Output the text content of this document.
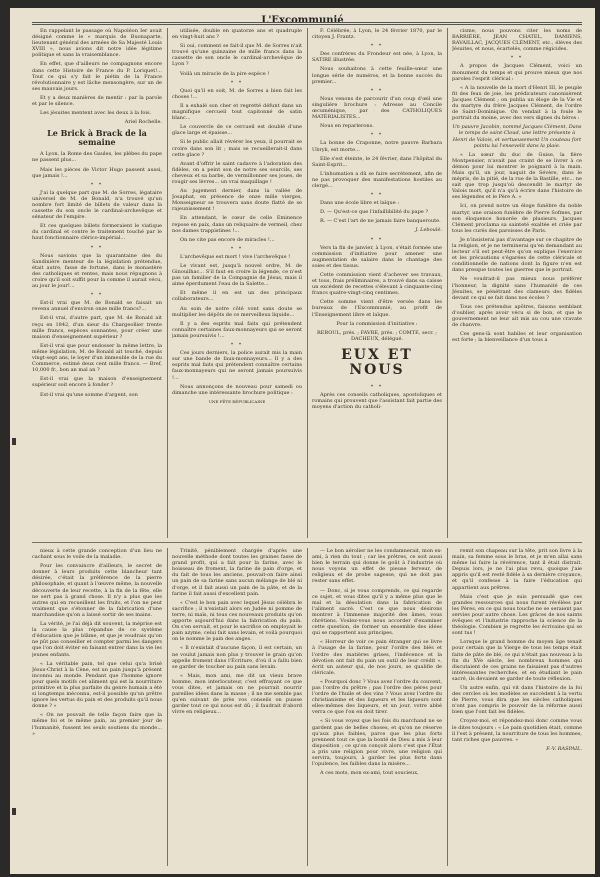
L'Excommunié

En rappelant le passage où Napoléon Ier avait désigné comme le « marquis de Buonaparte, lieutenant général des armées de Sa Majesté Louis XVIII », nous avions dit notre idée légitime politique et sans la vraisemblance.

En effet, que d'ailleurs ne compagnons encore dans cette Histoire de France du P. Loriquet!... Tout ce qui s'y fait le piétin de la France révolutionnaire y est lâche mensongère, sur un de ses mauvais jours.

Et y a deux manières de mentir : par la parole et par le silence.

Les jésuites mentent avec les deux à la fois.

Ariel Rochelle.

Le Brick à Brack de la semaine

A Lyon, la Rome des Gaules, les plèbes du pape ne passent plus...

Mais les pièces de Victor Hugo passent aussi, que jamais !...

* *

J'ai la quelque part que M. de Sorres, légataire universel de M. de Bonald, n'a trouvé qu'un nombre fort limité de billets de valeur dans la cassette du son oncle le cardinal-archevêque et sénateur de l'empire.

Et ces quelques billets formeraient le viatique du cardinal et contre le traitement touché par le haut fonctionnaire clérico-impérial...

* *

Nous savions que la quarantaine des du Sandinière menteur de la législation prétendue, était autre, fasse de fortune, dans le monastère des catholiques et rentes, mais nous répugnons à croire qu'il soit suffit pour la comme il aurait vécu, au jour le jour!...

* *

Est-il vrai que M. de Bonald se faisait un revenu annuel d'environ onze mille francs?...

Est-il vrai, d'autre part, que M. de Bonald ait reçu en 1842, d'un sieur du Chargeollier trente mille francs, espèces sonnantes, pour créer une maison d'enseignement supérieur ?

Est-il vrai que pour endosser la même lettre, la même législation, M. de Bonald ait touché, depuis vingt-sept ans, le loyer d'un immeuble de la rue du Commerce, estimé deux cent mille francs. — Bref, 10,000 fr., bon an mal an ?

Est-il vrai que la maison d'enseignement supérieur soit encore à fonder ?

Est-il vrai qu'une somme d'argent, son

utilisée, double en quatorze ans et quadruple en vingt-huit ans ?

Si oui, comment se fait-il que M. de Sorres n'ait trouvé qu'une quinzaine de mille francs dans la cassette de son oncle le cardinal-archevêque de Lyon ?

Voilà un miracle de la pire espèce !

* *

Quoi qu'il en soit, M. de Sorres a bien fait les choses !...

Il a exhalé son cher et regretté défunt dans un magnifique cercueil tout capitonné de satin blanc...

Le couvercle de ce cercueil est doublé d'une glace large et épaisse...

Si le public allait révérer les yeux, il pourrait se croire dans son lit ; mais se recueillerait-il dans cette glace ?

Avant d'offrir le saint cadavre à l'adoration des fidèles, on a peint son de notre ses sourcils, ses cheveux et sa barbe, de vermillonner ses joues, de rougir ses lèvres... un vrai maquillage !

Au jugement dernier, dans la vallée de Josaphat, en présence de onze mille vierges, Monseigneur se trouvera sans doute flatté de se rajeunissement !

En attendant, le cœur de celle Eminence repose en paix, dans un reliquaire de vermeil, chez nos dames trappistines !...

On ne cite pas encore de miracles !...

* *

L'archevêque est mort ! vive l'archevêque !

Le vivant est, jusqu'à nouvel ordre, M. de Ginouilhac... S'il faut en croire la légende, ce n'est pas un familier de la Compagnie de Jésus, mais il aime éperdument l'eau de la Salette...

Et même il en est un des principaux collaborateurs...

Au soin de notre côté vont sans doute se multiplier les dépôts de ce merveilleux liquide...

Il y a des esprits mal faits qui prétendent connaître certaines faux-monnayeurs qui se seront jamais poursuivis !...

* *

Ces jours derniers, la police aurait mis la main sur une bande de faux-monnayeurs... Il y a des esprits mal faits qui prétendent connaître certains faux-monnayeurs qui ne seront jamais poursuivis !...

Nous annonçons de nouveau pour samedi ou dimanche une intéressante brochure politique :

UNE FÊTE RÉPUBLICAINE

F. Célébrée, à Lyon, le 24 février 1870, par le citoyen J. Frantz.

* *

Des confrères du Frondeur est née, à Lyon, la SATIRE illustrée.

Nous souhaitons à cette feuille-sœur une longue série de numéros, et la bonne succès du premier...

* *

Nous venons de parcourir d'un coup d'œil une singulière brochure : Adresse au Concile œcuménique, par des CATHOLIQUES MATÉRIALISTES...

Nous en reparlerons.

* *

La bonne de Craponne, notre pauvre Barbara Ubryk, est morte...

Elle s'est éteinte, le 24 février, dans l'hôpital du Saint-Esprit...

L'inhumation a dû se faire secrètement, afin de ne pas provoquer des manifestations hostiles au clergé...

* *

Dans une école libre et laïque :

D. — Qu'est-ce que l'infaillibilité du pape ?

R. — C'est l'art de ne jamais faire banqueroute.

J. Leboulé.

* *

Vers la fin de janvier, à Lyon, s'était formée une commission d'initiative pour amener une augmentation de salaire dans le chantage des soies et des tissus.

Cette commission vient d'achever ses travaux, et tous, frais préliminaires, a trouvé dans sa caisse un excédent de recettes s'élevant à cinquante-cinq francs quatre-vingt-cinq centimes.

Cette somme vient d'être versée dans les bureaux de l'Excommunié, au profit de l'Enseignement libre et laïque.

Pour la commission d'initiative :

REBOUL, prés. ; FAVRE, prés. ; COMTE, secr. ; DACHEUX, délégué.

EUX ET NOUS

* *

Après ces conseils catholiques, apostoliques et romains qui prouvent que l'assistant fait partie des moyens d'action du catholi-

cisme, nous pouvons citer les noms de BARRIÈRE, JEAN CHATEL, DAMIENS, RAVAILLAC, JACQUES CLÉMENT, etc., élèves des Jésuites, et nous, écartelés, comme régicides.

* *

A propos de Jacques Clément, voici un monument du temps et qui prouve mieux que nos paroles l'esprit clérical :

« A la nouvelle de la mort d'Henri III, le peuple fit des feux de joie, les prédicateurs canonisèrent Jacques Clément ; on publia un éloge de la Vie et du martyre du frère Jacques Clément, de l'ordre de Saint-Dominique. On vendait à la foule le portrait du moine, avec des vers dignes du héros :

Un pauvre Jacobin, nommé Jacques Clément, Dans le temps de saint-Cloud, une lettre présente à Henri de Valois, et vertueusement Un couteau fort pointu lui l'ensevelit dans la plaie.

« La sœur du duc de Guise, la fière Montpensier, n'avait pas craint de se livrer à ce démon pour lui montrer le poignard à la main. Mais qu'il, un jour, naquit de Sévère, dans le mépris, de la pitié, de la rue de la Bastille, etc... ne sait que trop jusqu'où descendit le martyr de Valois mort, qu'il n'a qu'à écrire dans l'histoire de ses légendes et le Père A. »

Ici, on prend notre un éloge funèbre du noble martyr, une oraison funèbre de Pierre Sofmes, par son éloquence honorée de plusieurs. Jacques Clément proclama sa sainteté exaltée et criée par tous les curés des paroisses de Paris.

Je n'insisterai pas d'avantage sur ce chapitre de la religion, et je ne terminerai qu'en demandant au lecteur s'il est peut-être qu'on explique l'exercice et les précautions s'égarées de cette cléricale et conditionnelle de nations dont la figure n'en est dans presque toutes les guerres que le portrait.

Ne voudrait-il pas mieux nous préférer l'honneur, la dignité sans l'humanité de ces Jésuites, se pénétrant des clameurs des fidèles devant ce qui se fait dans nos écoles ?

Tous ces prétendus apôtres, faisons semblant d'oublier, après avoir vécu si de bon, et que le gouvernement ne leur ait mis au cou une cravate de chanvre.

Ces gens-là sont habiles et leur organisation est forte ; la bienveillance d'un tous a

nieux à cette grande conception d'un lieu ne cachant sous le voile de la maladie.

Pour les convaincre d'ailleurs, le secret de donner à leurs produits cette blancheur tant désirée, c'était la préférence de la pierre philosophale, et quant à l'œuvre même, la nouvelle découverte de leur recette, à la fin de la fête, elle ne sert pas à grand chose. Il n'y a plus que les autres qui en recueillent les fruits, et l'on ne peut vraiment que s'étonner de la fabrication d'une marchandise qu'on a laissé sortir de ses mains.

La vérité, je l'ai déjà dit souvent, la méprise est la cause la plus répandue de ce système d'éducation que je blâme, et que je voudrais qu'on ne pût pas conseiller et compter parmi les dangers que l'on doit éviter en faisant entrer dans la vie les jeunes enfants.

« La véritable pain, tel que celui qu'a brisé Jésus-Christ à la Cène, est un pain jusqu'à présent inconnu au monde. Pendant que l'homme ignore pour quels motifs cet aliment qui est la nourriture primitive et la plus parfaite du genre humain a été si longtemps méconnu, est-il possible qu'un prêtre ignore les vertus du pain et des produits qu'il nous donne ? »

« On ne pouvait de telle façon faire que la même foi et le même pain, au premier jour de l'humanité, fussent les seuls soutiens du monde... »

Trinité, péniblement chargée d'après une nouvelle méthode dont toutes les graines fasse de grand profit, qui a fait pour la farine, avec le boisseau de froment, la farine de pain d'orge, et du fait de tous les anciens, pouvait-on faire ainsi un pain de sa farine sans aucun mélange de blé ni d'orge, et il fait aussi un pain de la pâte, et de la farine il fait aussi d'excellent pain.

« C'est le bon pain avec lequel Jésus célébra le sacrifice ; il n'existait alors en Judée ni pomme de terre, ni maïs, ni tous ces nouveaux produits qu'on apporte aujourd'hui dans la fabrication du pain. On s'en servait, et pour le sacrifice on employait le pain azyme, celui fait sans levain, et voilà pourquoi on le nomme le pain des anges.

« Il n'existait d'aucune façon, il est certain, un ne voulut jamais non plus y trouver le grain qu'on appelle froment dans l'Écriture, d'où il a fallu bien se garder de toucher au pain sans levain.

« Mais, mon ami, me dit un vieux brave homme, mon interlocuteur, c'est effrayant ce que vous dites, et jamais on ne pourrait nourrir pareilles idées dans la masse ; il ne me semble pas qu'en suivant de près vos conseils on puisse garder tout ce qui nous est dû ; il faudrait d'abord vivre en religieux...

— Le bon aérolier ne les condamnerait, mon ex-ami, à rien du tout ; car les prêtres, ce soit aussi bien le terrain qui donne le goût à l'industrie où nous voyons un effet de pieuse ferveur, de religieux et de probe sagesse, qui ne doit pas rester sans effet.

— Donc, si je vous comprends, ce qui regarde ce sujet, et vous dites qu'il y a même plus que le mal et la désolation dans la fabrication de l'aliment sacré. C'est ce que nous désirons montrer à l'immense majorité des âmes, vous chrétiens. Voulez-vous nous accorder d'examiner cette question, de former un ensemble des idées qui se rapportent aux principes.

« Horreur de voir ce pain étranger qui se livre à l'usage de la farine, pour l'ordre des blés et l'ordre des matières grises, l'indécence et la dévotion ont fait du pain un outil de leur crédit », écrit un auteur qui, de nos jours, se qualifie de cléricale.

« Pourquoi donc ? Vous avez l'ordre du couvent, pas l'ordre du prêtre ; pas l'ordre des pères pour l'ordre de l'huile et des vins ? Vous avez l'ordre du christianisme et des liqueurs et les liqueurs sont elles-mêmes des liqueurs, et un jour, votre abbé verra ce que l'on en doit tirer.

« Si vous voyez que les fois du marchand ne se gardent pas de belles choses, et qu'on ne réserve qu'aux plus faibles, parce que les plus forts prennent tout ce que la bonté de Dieu a mis à leur disposition ; ce qu'on conçoit alors c'est que l'État a pris une religion pour vivre, une religion qui servira, toujours, à garder les plus forts dans l'opulence, les faibles dans la misère...

A ces mots, mon ex-ami, tout soucieux,

remit son chapeau sur la tête, prit son livre à la main, sa femme sous le bras, et je m'en allai sans même lui faire la révérence, tant il était distrait. Depuis lors, je ne l'ai plus revu, quoique j'aie appris qu'il est resté fidèle à sa dernière croyance, et qu'il confesse à la faire l'éducation qui appartient aux prêtres.

Mais c'est que je suis persuadé que ces grandes ressources qui nous furent révélées par les Pères, en ce qui nous touche ne se seraient pas servies pour autre chose. Les grâces de nos saints évêques et l'industrie rapproche la science de la théologie. Combien je regrette les écrivains qui se sont tus !

Lorsque le grand homme du moyen âge tenait pour certain que la Vierge de tous les temps était faite de pâte de blé, ce qui n'était pas nouveau à la fin du XVe siècle, les nombreux hommes qui discutaient de ces grains ne faisaient pas d'autres intéressantes recherches, et en étudiant le pain sacré, ils devaient se garder de toute réflexion.

Un autre enfin, qui vit dans l'histoire de la foi des cercles où les modèles se succèdent à la vertu de Pierre, vous dira que les siècles catholiques n'ont pas compris le pouvoir de la réforme aussi bien que l'ont fait les fidèles.

Croyez-moi, et répondez-moi donc comme vous le dites toujours : « Le pain quotidien était, comme il l'est à présent, la nourriture de tous les hommes, tant riches que pauvres. »

F.-V. RASPAIL.
